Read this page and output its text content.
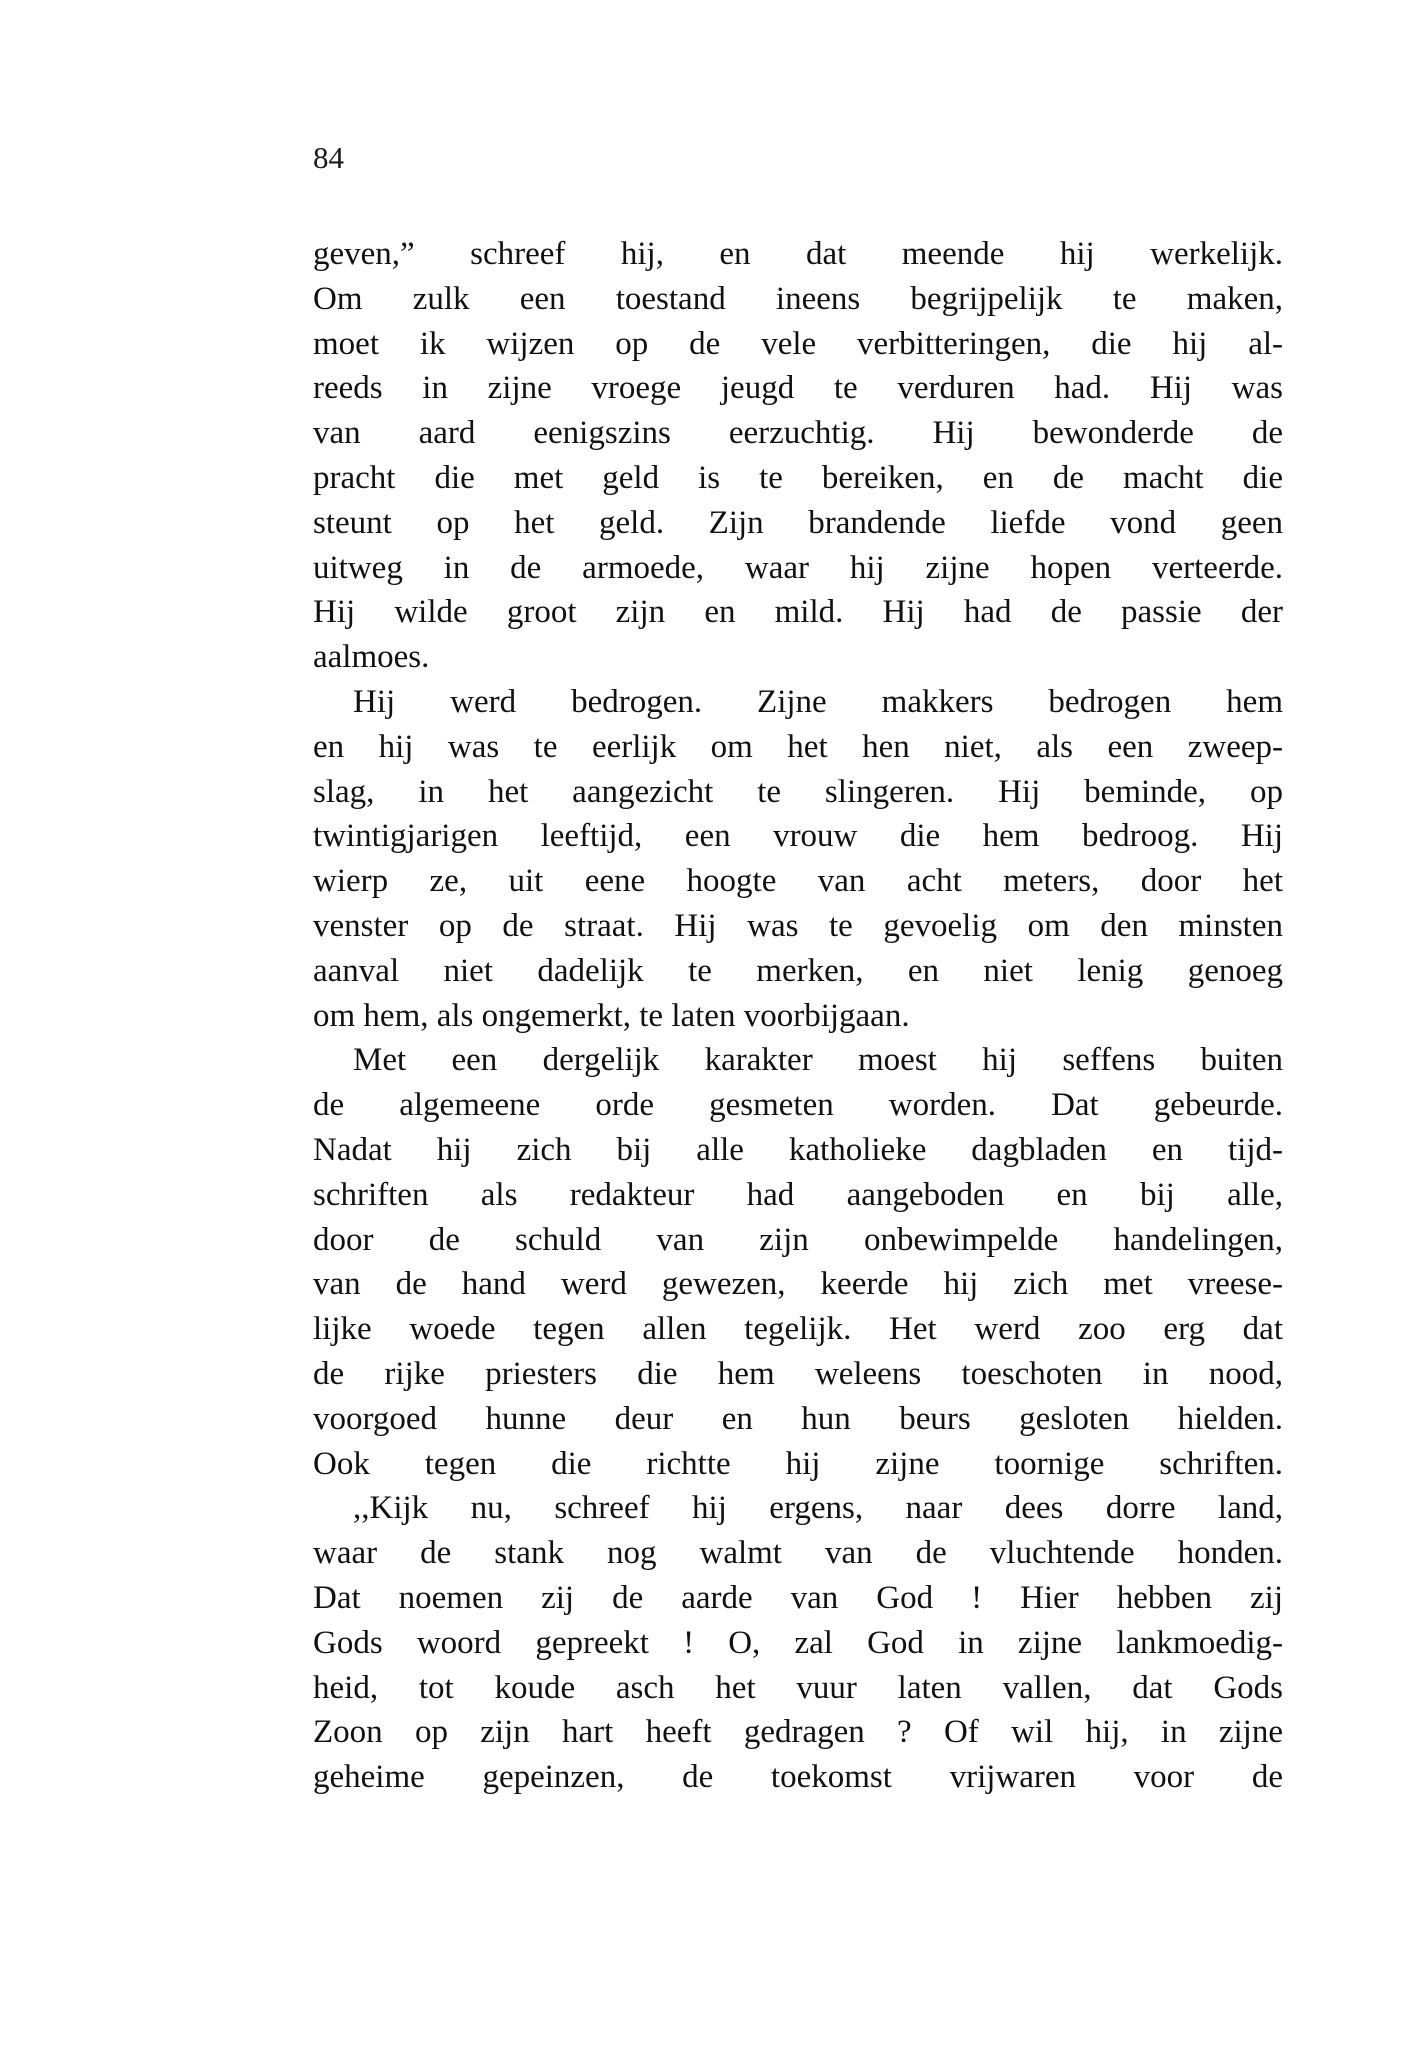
84
geven,” schreef hij, en dat meende hij werkelijk.
Om zulk een toestand ineens begrijpelijk te maken,
moet ik wijzen op de vele verbitteringen, die hij al-
reeds in zijne vroege jeugd te verduren had. Hij was
van aard eenigszins eerzuchtig. Hij bewonderde de
pracht die met geld is te bereiken, en de macht die
steunt op het geld. Zijn brandende liefde vond geen
uitweg in de armoede, waar hij zijne hopen verteerde.
Hij wilde groot zijn en mild. Hij had de passie der
aalmoes.
Hij werd bedrogen. Zijne makkers bedrogen hem
en hij was te eerlijk om het hen niet, als een zweep-
slag, in het aangezicht te slingeren. Hij beminde, op
twintigjarigen leeftijd, een vrouw die hem bedroog. Hij
wierp ze, uit eene hoogte van acht meters, door het
venster op de straat. Hij was te gevoelig om den minsten
aanval niet dadelijk te merken, en niet lenig genoeg
om hem, als ongemerkt, te laten voorbijgaan.
Met een dergelijk karakter moest hij seffens buiten
de algemeene orde gesmeten worden. Dat gebeurde.
Nadat hij zich bij alle katholieke dagbladen en tijd-
schriften als redakteur had aangeboden en bij alle,
door de schuld van zijn onbewimpelde handelingen,
van de hand werd gewezen, keerde hij zich met vreese-
lijke woede tegen allen tegelijk. Het werd zoo erg dat
de rijke priesters die hem weleens toeschoten in nood,
voorgoed hunne deur en hun beurs gesloten hielden.
Ook tegen die richtte hij zijne toornige schriften.
,,Kijk nu, schreef hij ergens, naar dees dorre land,
waar de stank nog walmt van de vluchtende honden.
Dat noemen zij de aarde van God ! Hier hebben zij
Gods woord gepreekt ! O, zal God in zijne lankmoedig-
heid, tot koude asch het vuur laten vallen, dat Gods
Zoon op zijn hart heeft gedragen ? Of wil hij, in zijne
geheime gepeinzen, de toekomst vrijwaren voor de
